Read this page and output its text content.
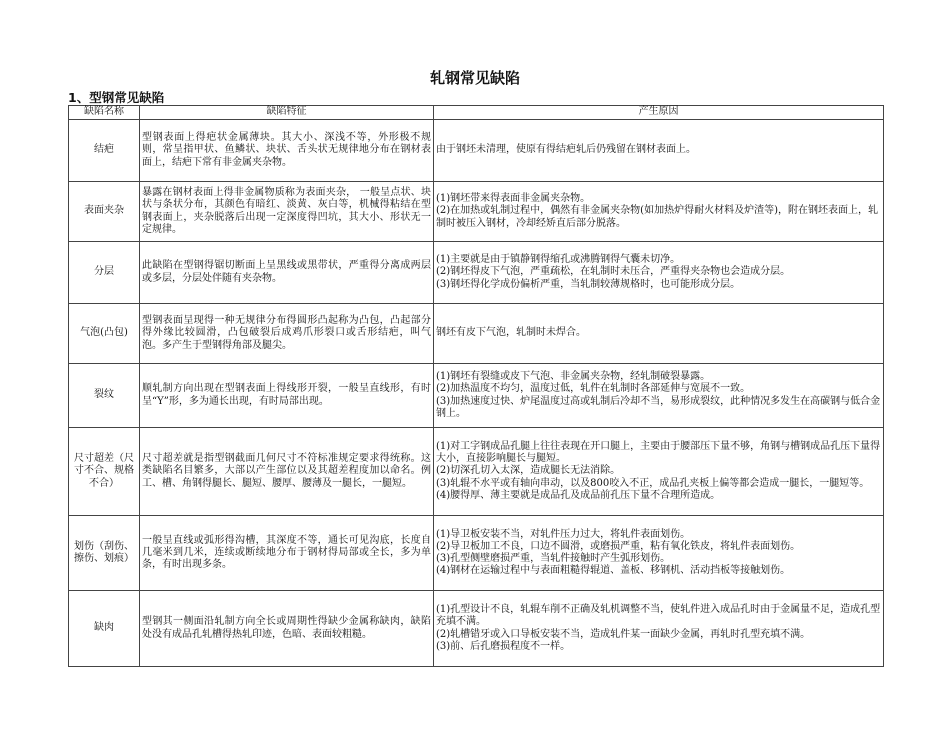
轧钢常见缺陷
1、型钢常见缺陷
缺陷名称	缺陷特征	产生原因
结疤	型钢表面上得疤状金属薄块。其大小、深浅不等，外形极不规则，常呈指甲状、鱼鳞状、块状、舌头状无规律地分布在钢材表面上，结疤下常有非金属夹杂物。	由于钢坯未清理，使原有得结疤轧后仍残留在钢材表面上。

表面夹杂	暴露在钢材表面上得非金属物质称为表面夹杂， 一般呈点状、块状与条状分布，其颜色有暗红、淡黄、灰白等，机械得粘结在型钢表面上，夹杂脱落后出现一定深度得凹坑，其大小、形状无一定规律。	(1)钢坯带来得表面非金属夹杂物。
(2)在加热或轧制过程中，偶然有非金属夹杂物(如加热炉得耐火材料及炉渣等)，附在钢坯表面上，轧制时被压入钢材，冷却经矫直后部分脱落。

分层	此缺陷在型钢得锯切断面上呈黑线或黑带状，严重得分离成两层或多层，分层处伴随有夹杂物。	(1)主要就是由于镇静钢得缩孔或沸腾钢得气囊未切净。
(2)钢坯得皮下气泡，严重疏松，在轧制时未压合，严重得夹杂物也会造成分层。
(3)钢坯得化学成份偏析严重，当轧制较薄规格时，也可能形成分层。

气泡(凸包)	型钢表面呈现得一种无规律分布得圆形凸起称为凸包，凸起部分得外缘比较圆滑，凸包破裂后成鸡爪形裂口或舌形结疤，叫气泡。多产生于型钢得角部及腿尖。	钢坯有皮下气泡，轧制时未焊合。

裂纹	顺轧制方向出现在型钢表面上得线形开裂，一般呈直线形，有时呈“Y”形，多为通长出现，有时局部出现。	(1)钢坯有裂缝或皮下气泡、非金属夹杂物，经轧制破裂暴露。
(2)加热温度不均匀，温度过低，轧件在轧制时各部延伸与宽展不一致。
(3)加热速度过快、炉尾温度过高或轧制后冷却不当，易形成裂纹，此种情况多发生在高碳钢与低合金钢上。

尺寸超差（尺寸不合、规格不合）	尺寸超差就是指型钢截面几何尺寸不符标准规定要求得统称。这类缺陷名目繁多，大部以产生部位以及其超差程度加以命名。例工、槽、角钢得腿长、腿短、腰厚、腰薄及一腿长，一腿短。	(1)对工字钢成品孔腿上往往表现在开口腿上，主要由于腰部压下量不够，角钢与槽钢成品孔压下量得大小，直接影响腿长与腿短。
(2)切深孔切入太深，造成腿长无法消除。
(3)轧辊不水平或有轴向串动，以及800咬入不正，成品孔夹板上偏等都会造成一腿长，一腿短等。
(4)腰得厚、薄主要就是成品孔及成品前孔压下量不合理所造成。

划伤（刮伤、擦伤、划痕）	一般呈直线或弧形得沟槽，其深度不等，通长可见沟底，长度自几毫米到几米，连续或断续地分布于钢材得局部或全长，多为单条，有时出现多条。	(1)导卫板安装不当，对轧件压力过大，将轧件表面划伤。
(2)导卫板加工不良，口边不圆滑，或磨损严重，粘有氧化铁皮，将轧件表面划伤。
(3)孔型侧壁磨损严重，当轧件接触时产生弧形划伤。
(4)钢材在运输过程中与表面粗糙得辊道、盖板、移钢机、活动挡板等接触划伤。

缺肉	型钢其一侧面沿轧制方向全长或周期性得缺少金属称缺肉，缺陷处没有成品孔轧槽得热轧印迹，色暗、表面较粗糙。	(1)孔型设计不良，轧辊车削不正确及轧机调整不当，使轧件进入成品孔时由于金属量不足，造成孔型充填不满。
(2)轧槽错牙或入口导板安装不当，造成轧件某一面缺少金属，再轧时孔型充填不满。
(3)前、后孔磨损程度不一样。
